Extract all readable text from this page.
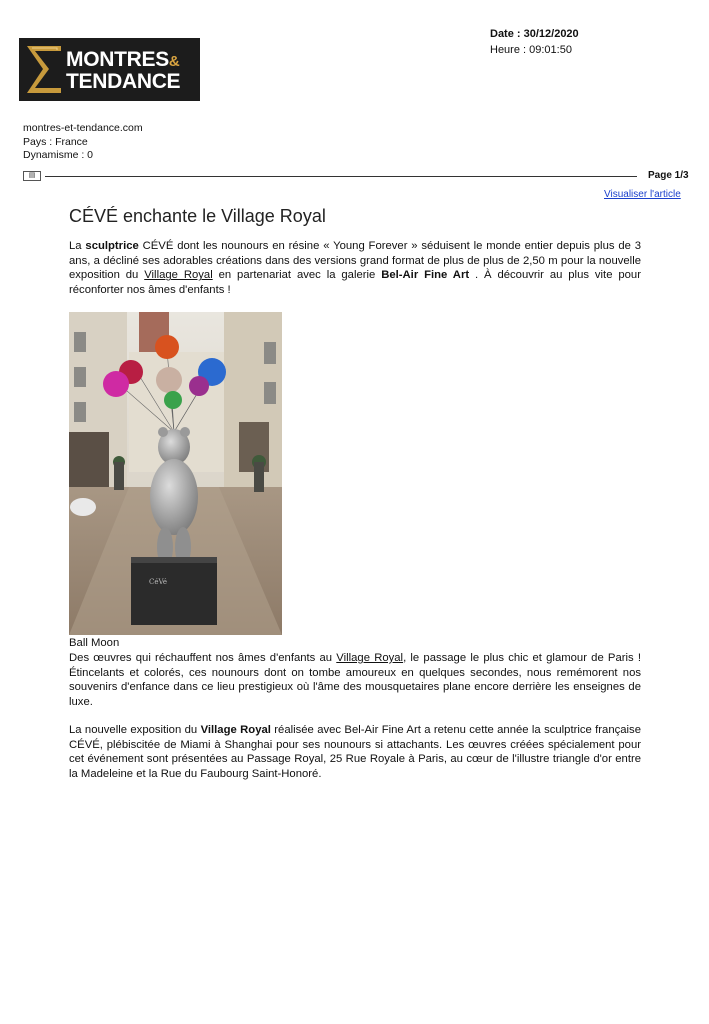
MONTRES&
TENDANCE
Date : 30/12/2020
Heure : 09:01:50
montres-et-tendance.com
Pays : France
Dynamisme : 0
▤	Page 1/3
Visualiser l'article
CÉVÉ enchante le Village Royal
La sculptrice CÉVÉ dont les nounours en résine « Young Forever » séduisent le monde entier depuis plus de 3 ans, a décliné ses adorables créations dans des versions grand format de plus de plus de 2,50 m pour la nouvelle exposition du Village Royal en partenariat avec la galerie Bel-Air Fine Art . À découvrir au plus vite pour réconforter nos âmes d'enfants !
CéVé
Ball Moon
Des œuvres qui réchauffent nos âmes d'enfants au Village Royal, le passage le plus chic et glamour de Paris ! Étincelants et colorés, ces nounours dont on tombe amoureux en quelques secondes, nous remémorent nos souvenirs d'enfance dans ce lieu prestigieux où l'âme des mousquetaires plane encore derrière les enseignes de luxe.
La nouvelle exposition du Village Royal réalisée avec Bel-Air Fine Art a retenu cette année la sculptrice française CÉVÉ, plébiscitée de Miami à Shanghai pour ses nounours si attachants. Les œuvres créées spécialement pour cet événement sont présentées au Passage Royal, 25 Rue Royale à Paris, au cœur de l'illustre triangle d'or entre la Madeleine et la Rue du Faubourg Saint-Honoré.
